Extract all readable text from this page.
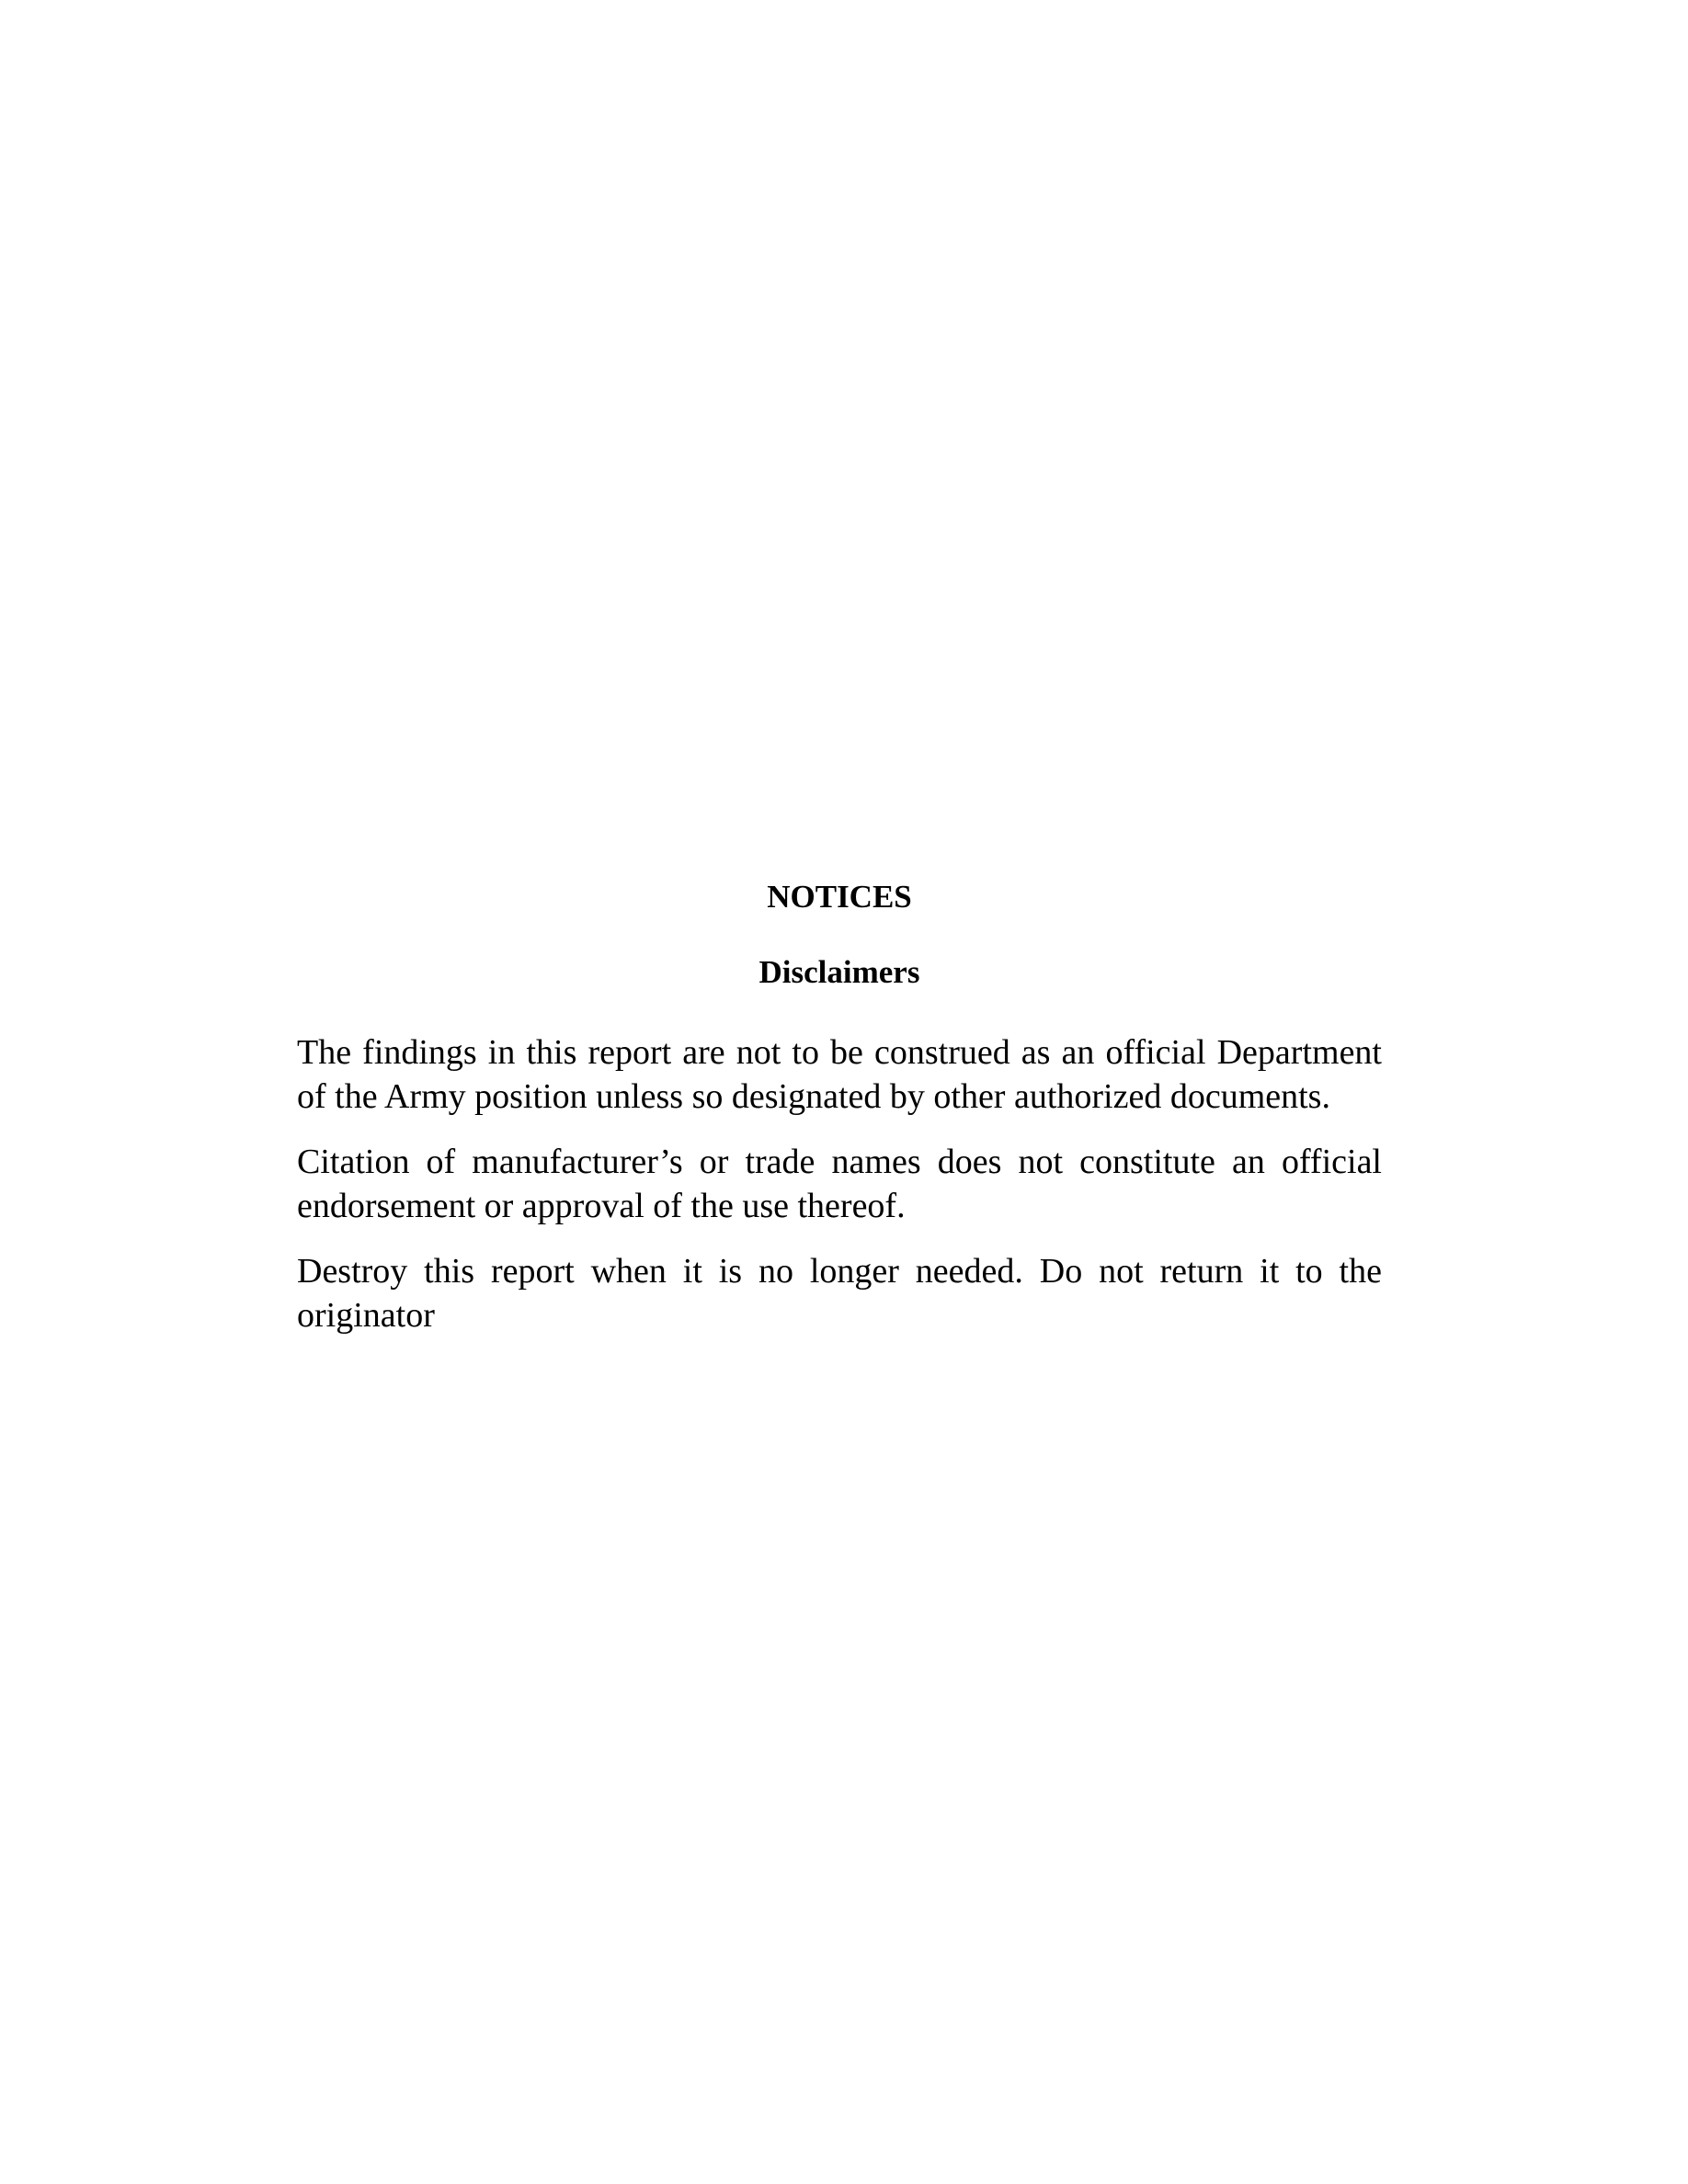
NOTICES
Disclaimers

The findings in this report are not to be construed as an official Department of the Army position unless so designated by other authorized documents.

Citation of manufacturer’s or trade names does not constitute an official endorsement or approval of the use thereof.

Destroy this report when it is no longer needed. Do not return it to the originator
